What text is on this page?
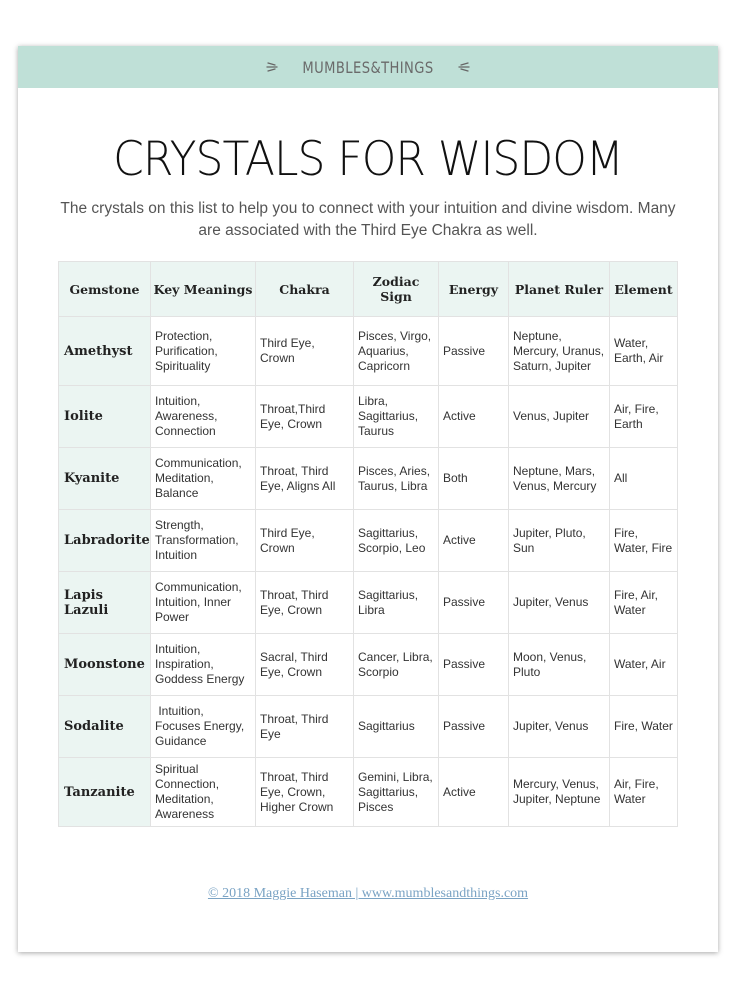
MUMBLES&THINGS
CRYSTALS FOR WISDOM
The crystals on this list to help you to connect with your intuition and divine wisdom. Many are associated with the Third Eye Chakra as well.
Gemstone	Key Meanings	Chakra	Zodiac Sign	Energy	Planet Ruler	Element
Amethyst	Protection, Purification, Spirituality	Third Eye, Crown	Pisces, Virgo, Aquarius, Capricorn	Passive	Neptune, Mercury, Uranus, Saturn, Jupiter	Water, Earth, Air
Iolite	Intuition, Awareness, Connection	Throat,Third Eye, Crown	Libra, Sagittarius, Taurus	Active	Venus, Jupiter	Air, Fire, Earth
Kyanite	Communication, Meditation, Balance	Throat, Third Eye, Aligns All	Pisces, Aries, Taurus, Libra	Both	Neptune, Mars, Venus, Mercury	All
Labradorite	Strength, Transformation, Intuition	Third Eye, Crown	Sagittarius, Scorpio, Leo	Active	Jupiter, Pluto, Sun	Fire, Water, Fire
Lapis Lazuli	Communication, Intuition, Inner Power	Throat, Third Eye, Crown	Sagittarius, Libra	Passive	Jupiter, Venus	Fire, Air, Water
Moonstone	Intuition, Inspiration, Goddess Energy	Sacral, Third Eye, Crown	Cancer, Libra, Scorpio	Passive	Moon, Venus, Pluto	Water, Air
Sodalite	Intuition, Focuses Energy, Guidance	Throat, Third Eye	Sagittarius	Passive	Jupiter, Venus	Fire, Water
Tanzanite	Spiritual Connection, Meditation, Awareness	Throat, Third Eye, Crown, Higher Crown	Gemini, Libra, Sagittarius, Pisces	Active	Mercury, Venus, Jupiter, Neptune	Air, Fire, Water
© 2018 Maggie Haseman | www.mumblesandthings.com
